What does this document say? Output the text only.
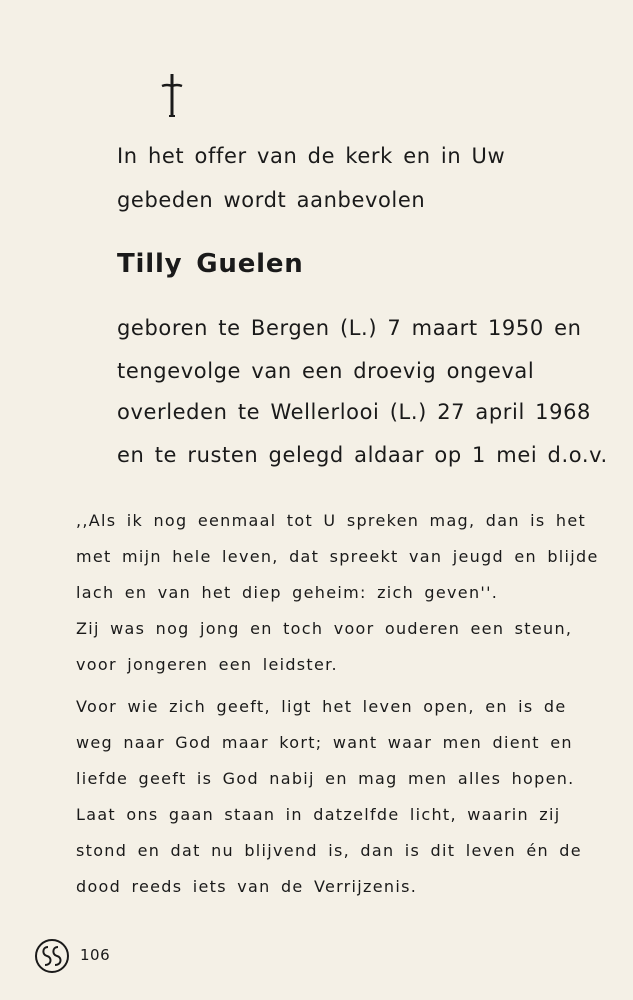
In het offer van de kerk en in Uw
gebeden wordt aanbevolen
Tilly Guelen
geboren te Bergen (L.) 7 maart 1950 en
tengevolge van een droevig ongeval
overleden te Wellerlooi (L.) 27 april 1968
en te rusten gelegd aldaar op 1 mei d.o.v.
,,Als ik nog eenmaal tot U spreken mag, dan is het
met mijn hele leven, dat spreekt van jeugd en blijde
lach en van het diep geheim: zich geven''.
Zij was nog jong en toch voor ouderen een steun,
voor jongeren een leidster.
Voor wie zich geeft, ligt het leven open, en is de
weg naar God maar kort; want waar men dient en
liefde geeft is God nabij en mag men alles hopen.
Laat ons gaan staan in datzelfde licht, waarin zij
stond en dat nu blijvend is, dan is dit leven én de
dood reeds iets van de Verrijzenis.
106
